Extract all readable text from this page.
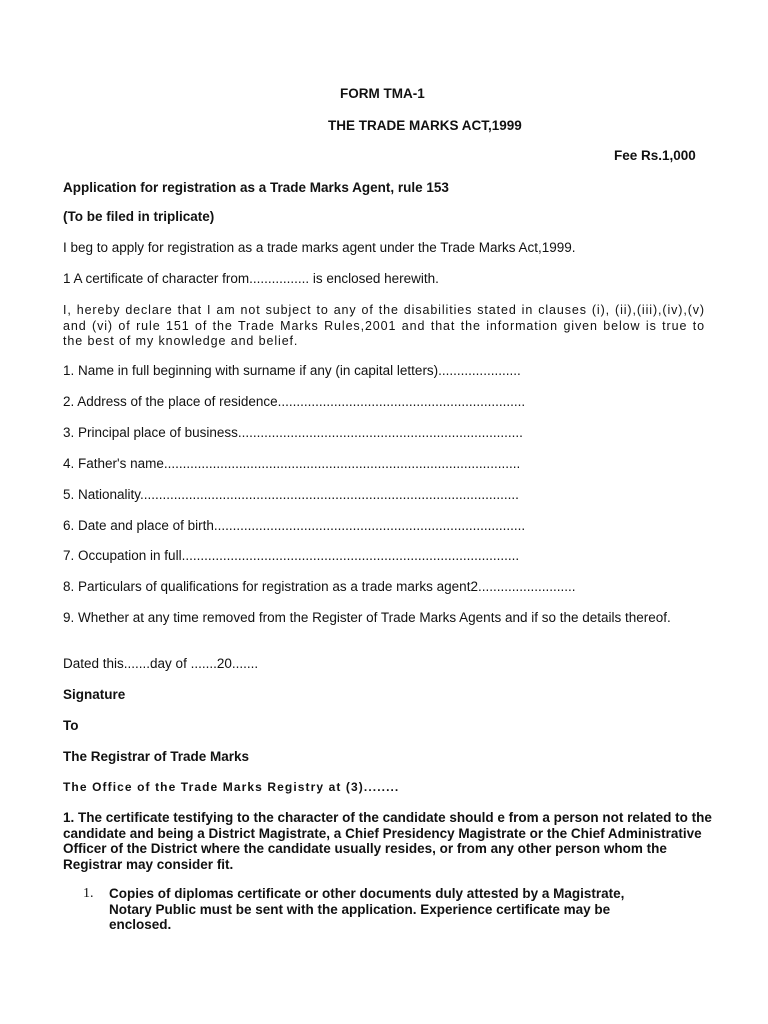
FORM TMA-1
THE TRADE MARKS ACT,1999
Fee Rs.1,000
Application for registration as a Trade Marks Agent, rule 153
(To be filed in triplicate)
I beg to apply for registration as a trade marks agent under the Trade Marks Act,1999.
1 A certificate of character from................ is enclosed herewith.
I, hereby declare that I am not subject to any of the disabilities stated in clauses (i), (ii),(iii),(iv),(v) and (vi) of rule 151 of the Trade Marks Rules,2001 and that the information given below is true to the best of my knowledge and belief.
1. Name in full beginning with surname if any (in capital letters)......................
2. Address of the place of residence..................................................................
3. Principal place of business............................................................................
4. Father's name...............................................................................................
5. Nationality.....................................................................................................
6. Date and place of birth...................................................................................
7. Occupation in full..........................................................................................
8. Particulars of qualifications for registration as a trade marks agent2..........................
9. Whether at any time removed from the Register of Trade Marks Agents and if so the details thereof.
Dated this.......day of .......20.......
Signature
To
The Registrar of Trade Marks
The Office of the Trade Marks Registry at (3)........
1. The certificate testifying to the character of the candidate should e from a person not related to the candidate and being a District Magistrate, a Chief Presidency Magistrate or the Chief Administrative Officer of the District where the candidate usually resides, or from any other person whom the Registrar may consider fit.
1. Copies of diplomas certificate or other documents duly attested by a Magistrate, Notary Public must be sent with the application. Experience certificate may be enclosed.
